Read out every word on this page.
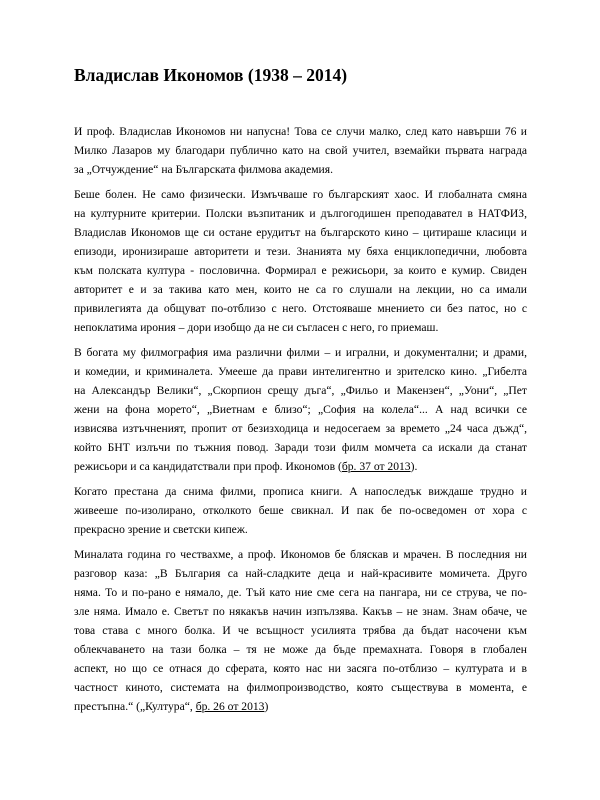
Владислав Икономов (1938 – 2014)

И проф. Владислав Икономов ни напусна! Това се случи малко, след като навърши 76 и
Милко Лазаров му благодари публично като на свой учител, вземайки първата награда
за „Отчуждение“ на Българската филмова академия.

Беше болен. Не само физически. Измъчваше го българският хаос. И глобалната смяна
на културните критерии. Полски възпитаник и дългогодишен преподавател в НАТФИЗ,
Владислав Икономов ще си остане ерудитът на българското кино – цитираше класици и
епизоди, иронизираше авторитети и тези. Знанията му бяха енциклопедични, любовта
към полската култура - пословична. Формирал е режисьори, за които е кумир. Свиден
авторитет е и за такива като мен, които не са го слушали на лекции, но са имали
привилегията да общуват по-отблизо с него. Отстояваше мнението си без патос, но с
непоклатима ирония – дори изобщо да не си съгласен с него, го приемаш.

В богата му филмография има различни филми – и игрални, и документални; и драми,
и комедии, и криминалета. Умееше да прави интелигентно и зрителско кино. „Гибелта
на Александър Велики“, „Скорпион срещу дъга“, „Фильо и Макензен“, „Уони“, „Пет
жени на фона морето“, „Виетнам е близо“; „София на колела“... А над всички се
извисява изтъчненият, пропит от безизходица и недосегаем за времето „24 часа дъжд“,
който БНТ излъчи по тъжния повод. Заради този филм момчета са искали да станат
режисьори и са кандидатствали при проф. Икономов (бр. 37 от 2013).

Когато престана да снима филми, прописа книги. А напоследък виждаше трудно и
живееше по-изолирано, отколкото беше свикнал. И пак бе по-осведомен от хора с
прекрасно зрение и светски кипеж.

Миналата година го чествахме, а проф. Икономов бе бляскав и мрачен. В последния ни
разговор каза: „В България са най-сладките деца и най-красивите момичета. Друго
няма. То и по-рано е нямало, де. Тъй като ние сме сега на пангара, ни се струва, че по-
зле няма. Имало е. Светът по някакъв начин изпълзява. Какъв – не знам. Знам обаче, че
това става с много болка. И че всъщност усилията трябва да бъдат насочени към
облекчаването на тази болка – тя не може да бъде премахната. Говоря в глобален
аспект, но що се отнася до сферата, която нас ни засяга по-отблизо – културата и в
частност киното, системата на филмопроизводство, която съществува в момента, е
престъпна.“ („Култура“, бр. 26 от 2013)
